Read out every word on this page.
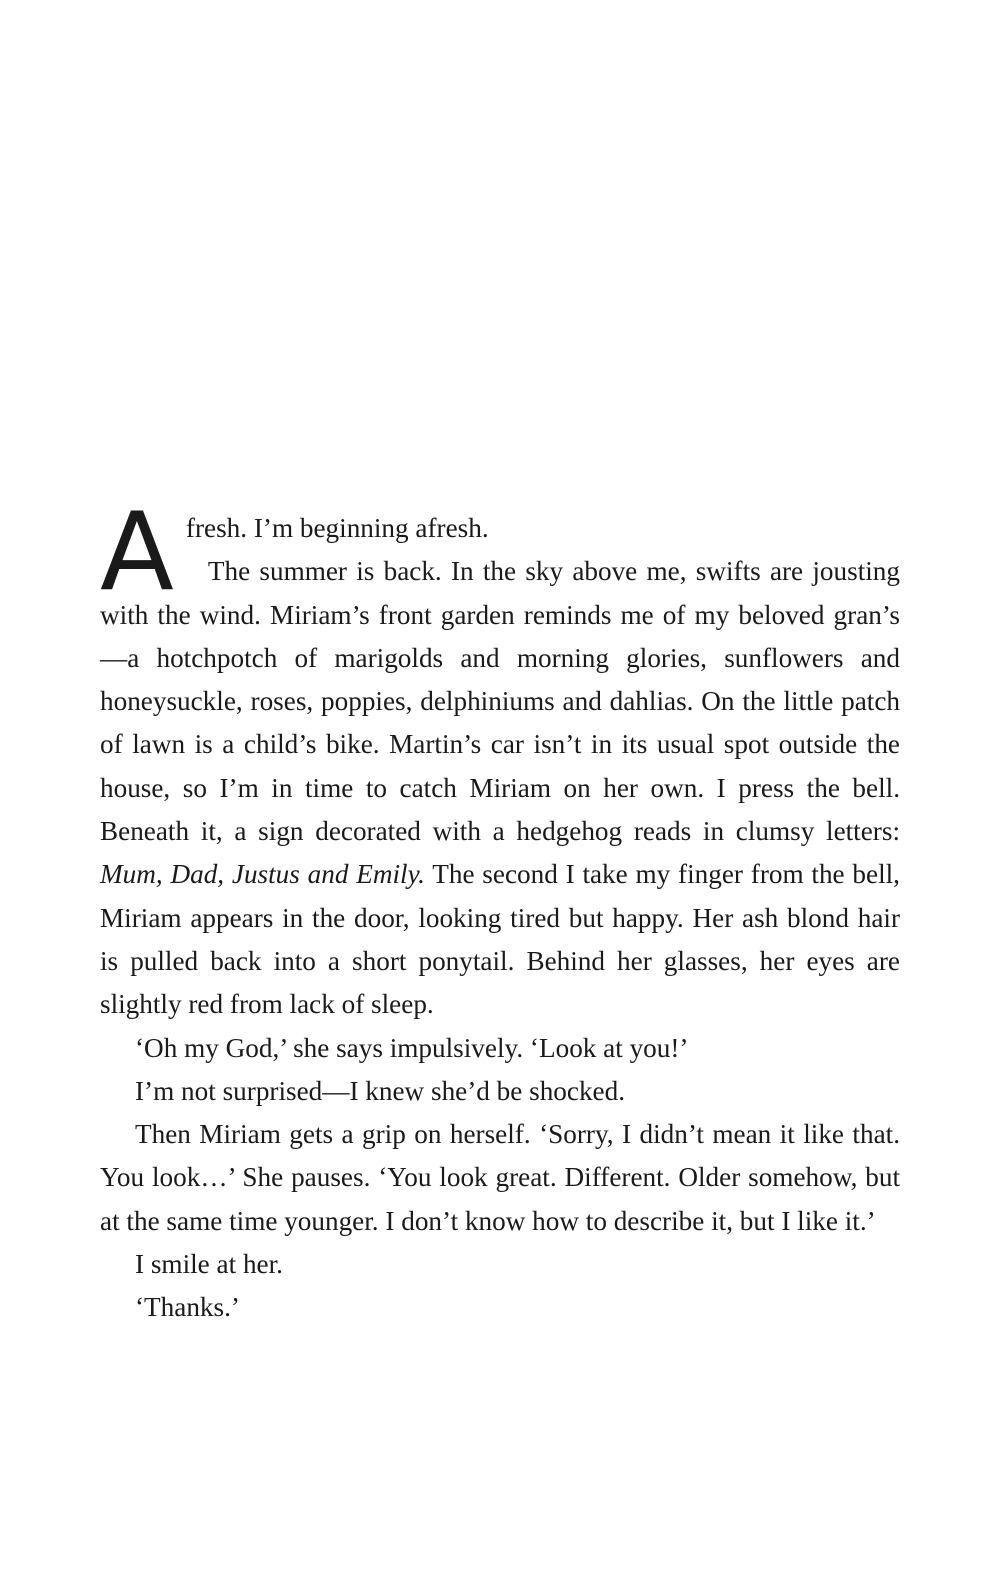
Afresh. I’m beginning afresh.
The summer is back. In the sky above me, swifts are jousting with the wind. Miriam’s front garden reminds me of my beloved gran’s—a hotchpotch of marigolds and morning glories, sunflowers and honeysuckle, roses, poppies, delphiniums and dahlias. On the little patch of lawn is a child’s bike. Martin’s car isn’t in its usual spot outside the house, so I’m in time to catch Miriam on her own. I press the bell. Beneath it, a sign decorated with a hedgehog reads in clumsy letters: Mum, Dad, Justus and Emily. The second I take my finger from the bell, Miriam appears in the door, looking tired but happy. Her ash blond hair is pulled back into a short ponytail. Behind her glasses, her eyes are slightly red from lack of sleep.

‘Oh my God,’ she says impulsively. ‘Look at you!’

I’m not surprised—I knew she’d be shocked.

Then Miriam gets a grip on herself. ‘Sorry, I didn’t mean it like that. You look…’ She pauses. ‘You look great. Different. Older somehow, but at the same time younger. I don’t know how to describe it, but I like it.’

I smile at her.

‘Thanks.’
